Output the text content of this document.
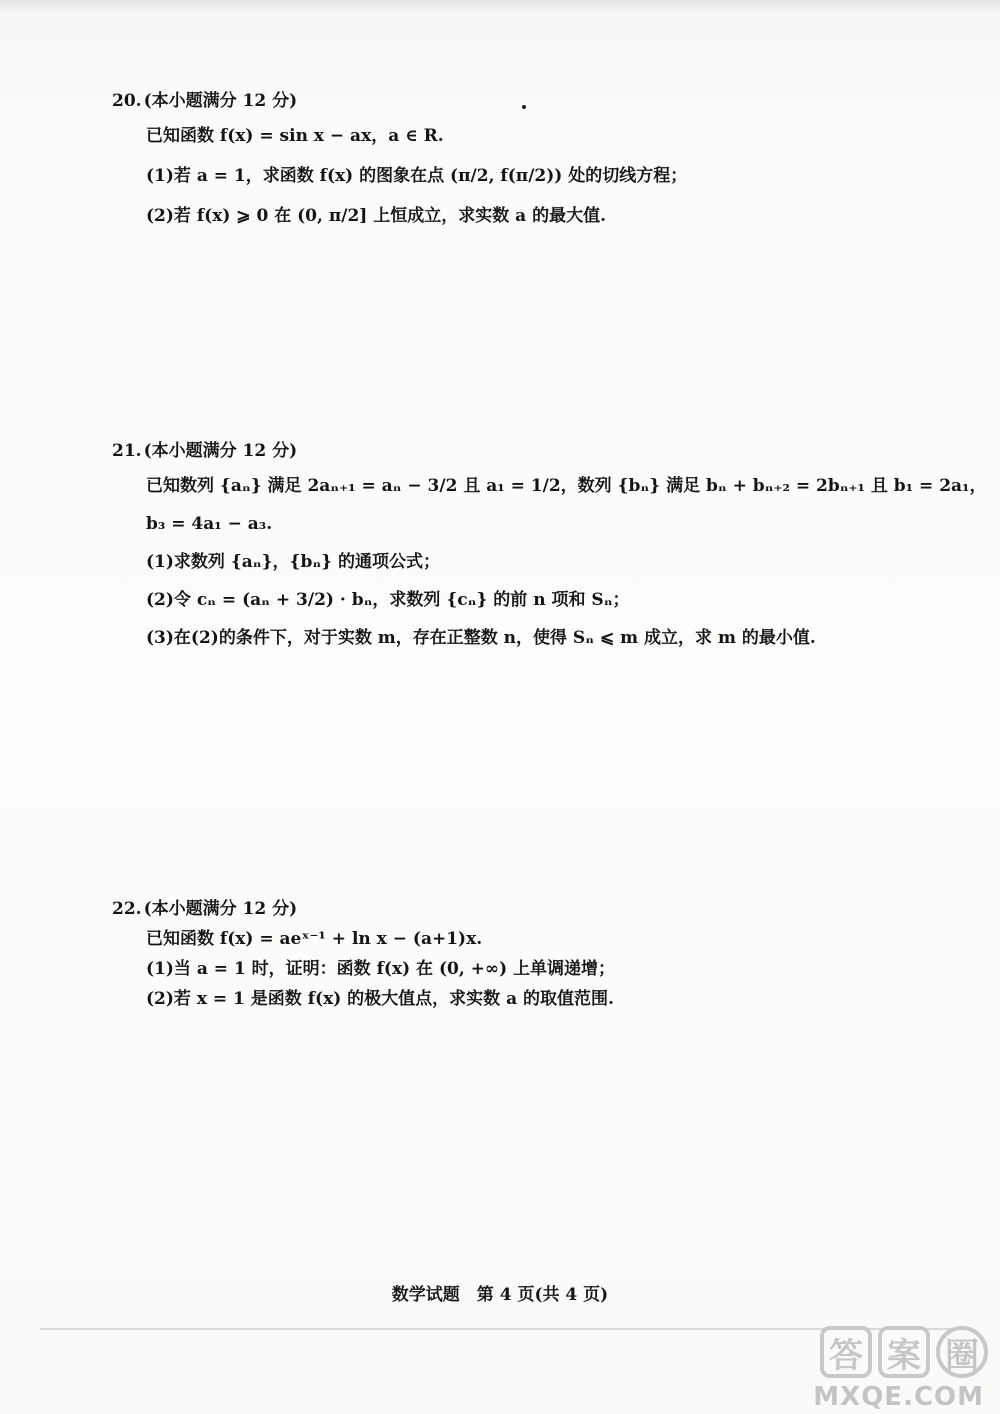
20. (本小题满分 12 分)
已知函数 f(x) = sin x − ax，a ∈ R.
(1)若 a = 1，求函数 f(x) 的图象在点 (π/2, f(π/2)) 处的切线方程；
(2)若 f(x) ⩾ 0 在 (0, π/2] 上恒成立，求实数 a 的最大值.
21. (本小题满分 12 分)
已知数列 {aₙ} 满足 2aₙ₊₁ = aₙ − 3/2 且 a₁ = 1/2，数列 {bₙ} 满足 bₙ + bₙ₊₂ = 2bₙ₊₁ 且 b₁ = 2a₁，
b₃ = 4a₁ − a₃.
(1)求数列 {aₙ}，{bₙ} 的通项公式；
(2)令 cₙ = (aₙ + 3/2) · bₙ，求数列 {cₙ} 的前 n 项和 Sₙ；
(3)在(2)的条件下，对于实数 m，存在正整数 n，使得 Sₙ ⩽ m 成立，求 m 的最小值.
22. (本小题满分 12 分)
已知函数 f(x) = aeˣ⁻¹ + ln x − (a+1)x.
(1)当 a = 1 时，证明：函数 f(x) 在 (0, +∞) 上单调递增；
(2)若 x = 1 是函数 f(x) 的极大值点，求实数 a 的取值范围.
数学试题　第 4 页(共 4 页)
答 案 圈
MXQE.COM
